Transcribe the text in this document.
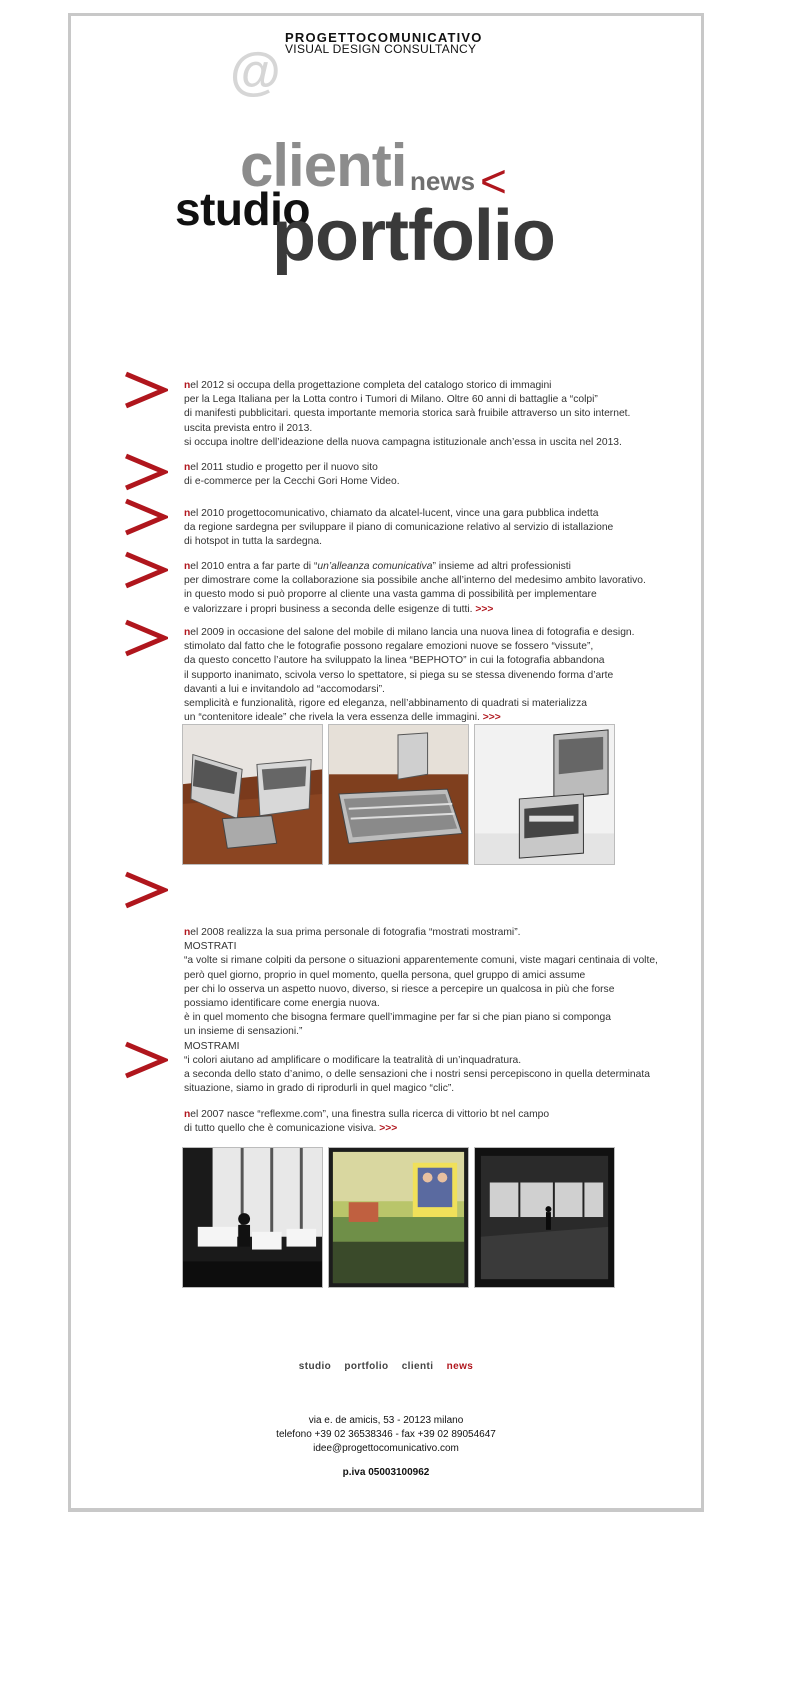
@
PROGETTOCOMUNICATIVO
VISUAL DESIGN CONSULTANCY
clienti news <
studio
portfolio

nel 2012 si occupa della progettazione completa del catalogo storico di immagini
per la Lega Italiana per la Lotta contro i Tumori di Milano. Oltre 60 anni di battaglie a “colpi”
di manifesti pubblicitari. questa importante memoria storica sarà fruibile attraverso un sito internet.
uscita prevista entro il 2013.
si occupa inoltre dell’ideazione della nuova campagna istituzionale anch’essa in uscita nel 2013.

nel 2011 studio e progetto per il nuovo sito
di e-commerce per la Cecchi Gori Home Video.

nel 2010 progettocomunicativo, chiamato da alcatel-lucent, vince una gara pubblica indetta
da regione sardegna per sviluppare il piano di comunicazione relativo al servizio di istallazione
di hotspot in tutta la sardegna.

nel 2010 entra a far parte di “un’alleanza comunicativa” insieme ad altri professionisti
per dimostrare come la collaborazione sia possibile anche all’interno del medesimo ambito lavorativo.
in questo modo si può proporre al cliente una vasta gamma di possibilità per implementare
e valorizzare i propri business a seconda delle esigenze di tutti. >>>

nel 2009 in occasione del salone del mobile di milano lancia una nuova linea di fotografia e design.
stimolato dal fatto che le fotografie possono regalare emozioni nuove se fossero “vissute”,
da questo concetto l’autore ha sviluppato la linea “BEPHOTO” in cui la fotografia abbandona
il supporto inanimato, scivola verso lo spettatore, si piega su se stessa divenendo forma d’arte
davanti a lui e invitandolo ad “accomodarsi”.
semplicità e funzionalità, rigore ed eleganza, nell’abbinamento di quadrati si materializza
un “contenitore ideale” che rivela la vera essenza delle immagini. >>>

nel 2008 realizza la sua prima personale di fotografia “mostrati mostrami”.
MOSTRATI
“a volte si rimane colpiti da persone o situazioni apparentemente comuni, viste magari centinaia di volte,
però quel giorno, proprio in quel momento, quella persona, quel gruppo di amici assume
per chi lo osserva un aspetto nuovo, diverso, si riesce a percepire un qualcosa in più che forse
possiamo identificare come energia nuova.
è in quel momento che bisogna fermare quell’immagine per far si che pian piano si componga
un insieme di sensazioni.”
MOSTRAMI
“i colori aiutano ad amplificare o modificare la teatralità di un’inquadratura.
a seconda dello stato d’animo, o delle sensazioni che i nostri sensi percepiscono in quella determinata
situazione, siamo in grado di riprodurli in quel magico “clic”.

nel 2007 nasce “reflexme.com”, una finestra sulla ricerca di vittorio bt nel campo
di tutto quello che è comunicazione visiva. >>>

studio portfolio clienti news
via e. de amicis, 53 - 20123 milano
telefono +39 02 36538346 - fax +39 02 89054647
idee@progettocomunicativo.com
p.iva 05003100962
